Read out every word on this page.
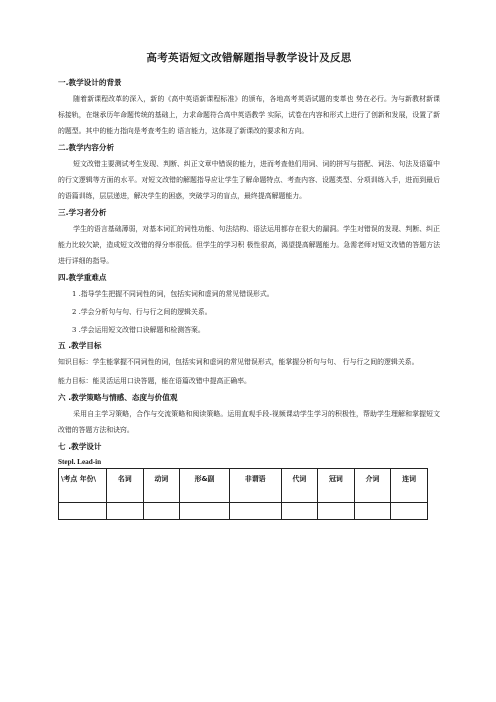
高考英语短文改错解题指导教学设计及反思
一.教学设计的背景
随着新课程改革的深入，新的《高中英语新课程标准》的颁布，各地高考英语试题的变革也 势在必行。为与新教材新课标接轨，在继承历年命题传统的基础上，力求命题符合高中英语教学 实际，试卷在内容和形式上进行了创新和发展，设置了新的题型。其中的能力指向是考查考生的 语言能力，这体现了新课改的要求和方向。
二.教学内容分析
短文改错主要测试考生发现、判断、纠正文章中错误的能力，进而考查他们用词、词的拼写与搭配、词法、句法及语篇中的行文逻辑等方面的水平。对短文改错的解题指导应让学生了解命题特点、考查内容、设题类型、分项训练入手，进而到最后的语篇训练，层层递进，解决学生的困惑，突破学习的盲点，最终提高解题能力。
三.学习者分析
学生的语言基础薄弱，对基本词汇的词性功能、句法结构、语法运用都存在很大的漏洞。学生对错误的发现、判断、纠正能力比较欠缺，造成短文改错的得分率很低。但学生的学习积 极性很高，渴望提高解题能力。急需老师对短文改错的答题方法进行详细的指导。
四.教学重难点
1 .指导学生把握不同词性的词，包括实词和虚词的常见错误形式。
2 .学会分析句与句、行与行之间的逻辑关系。
3 .学会运用短文改错口诀解题和检测答案。
五 .教学目标
知识目标：学生能掌握不同词性的词，包括实词和虚词的常见错误形式，能掌握分析句与句、 行与行之间的逻辑关系。
能力目标：能灵活运用口诀答题，能在语篇改错中提高正确率。
六 .教学策略与情感、态度与价值观
采用自主学习策略，合作与交流策略和阅读策略。运用直观手段-视频课动学生学习的积极性，帮助学生理解和掌握短文改错的答题方法和诀窍。
七 .教学设计
Stepl. Lead-in
\考点 年份\	名词	动词	形&副	非谓语	代词	冠词	介词	连词
